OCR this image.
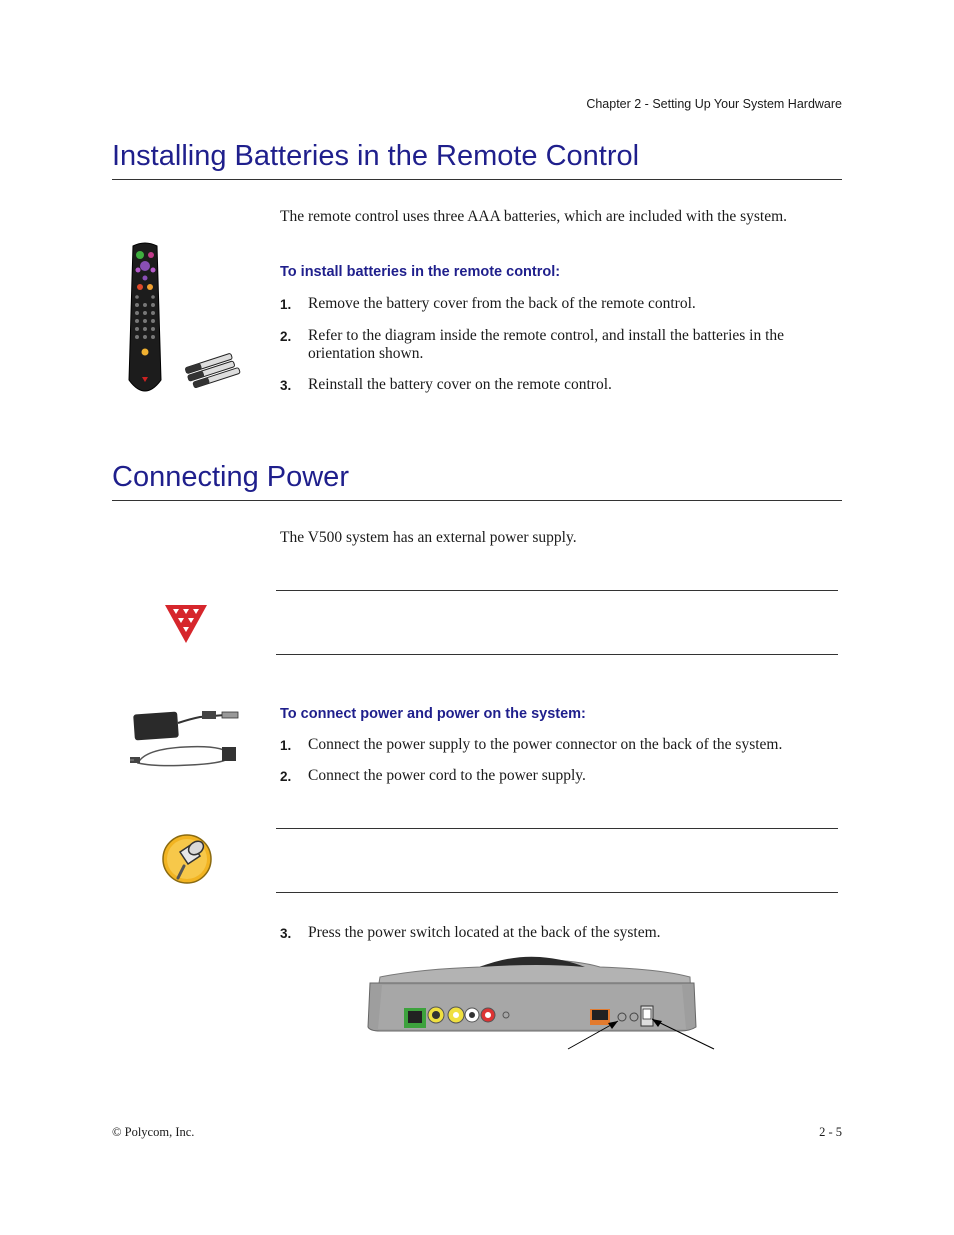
Chapter 2 - Setting Up Your System Hardware
Installing Batteries in the Remote Control
The remote control uses three AAA batteries, which are included with the system.
To install batteries in the remote control:
1.	Remove the battery cover from the back of the remote control.
2.	Refer to the diagram inside the remote control, and install the batteries in the orientation shown.
3.	Reinstall the battery cover on the remote control.
Connecting Power
The V500 system has an external power supply.
To connect power and power on the system:
1.	Connect the power supply to the power connector on the back of the system.
2.	Connect the power cord to the power supply.
3.	Press the power switch located at the back of the system.
© Polycom, Inc.	2 - 5
